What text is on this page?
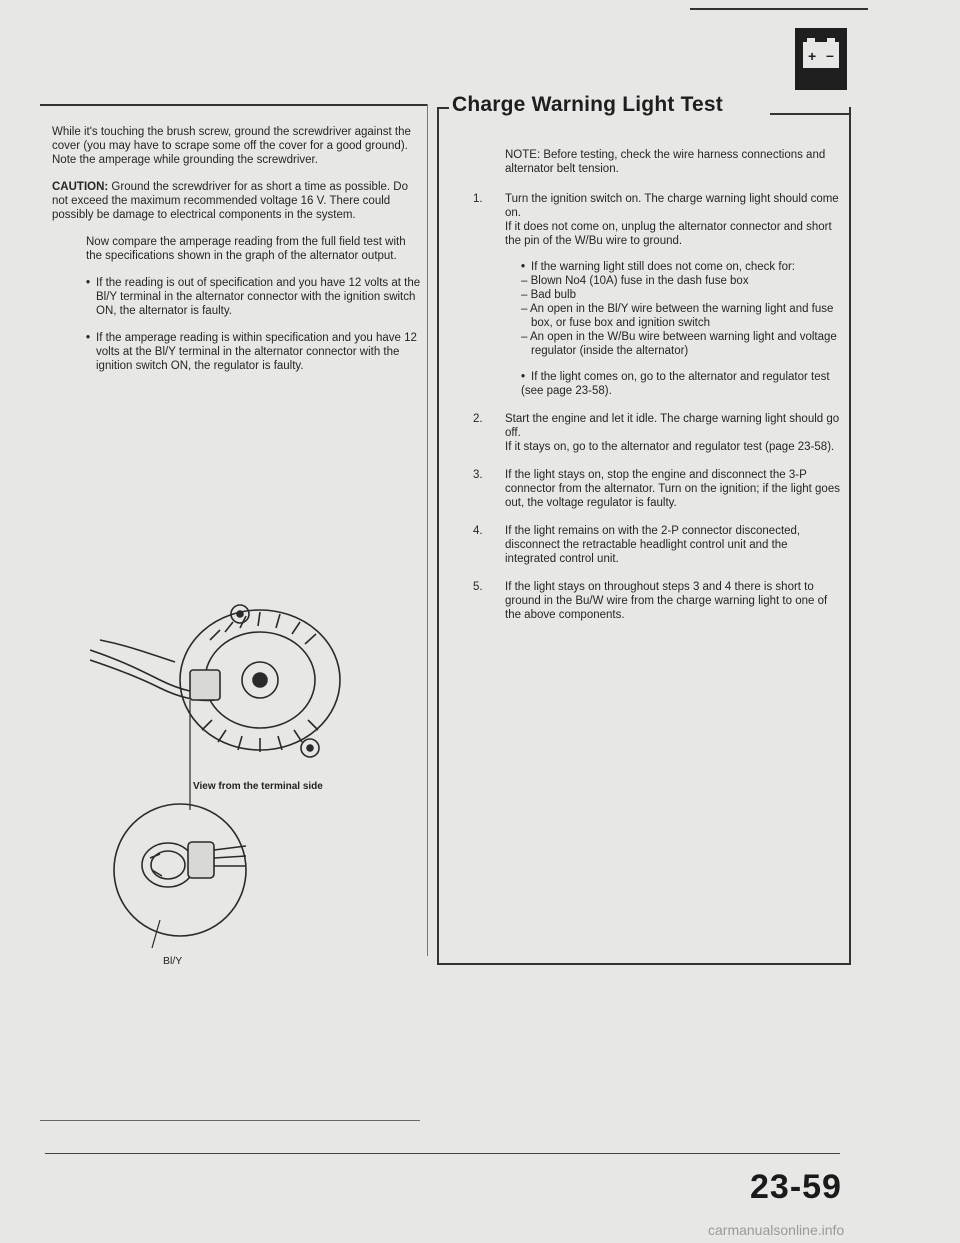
+ –

While it's touching the brush screw, ground the screwdriver against the cover (you may have to scrape some off the cover for a good ground). Note the amperage while grounding the screwdriver.

CAUTION: Ground the screwdriver for as short a time as possible. Do not exceed the maximum recommended voltage 16 V. There could possibly be damage to electrical components in the system.

Now compare the amperage reading from the full field test with the specifications shown in the graph of the alternator output.

• If the reading is out of specification and you have 12 volts at the Bl/Y terminal in the alternator connector with the ignition switch ON, the alternator is faulty.

• If the amperage reading is within specification and you have 12 volts at the Bl/Y terminal in the alternator connector with the ignition switch ON, the regulator is faulty.

View from the terminal side
Bl/Y
Charge Warning Light Test

NOTE: Before testing, check the wire harness connections and alternator belt tension.

1.	Turn the ignition switch on. The charge warning light should come on.

If it does not come on, unplug the alternator connector and short the pin of the W/Bu wire to ground.

• If the warning light still does not come on, check for:

– Blown No4 (10A) fuse in the dash fuse box
– Bad bulb
– An open in the Bl/Y wire between the warning light and fuse box, or fuse box and ignition switch
– An open in the W/Bu wire between warning light and voltage regulator (inside the alternator)

• If the light comes on, go to the alternator and regulator test (see page 23-58).

2.	Start the engine and let it idle. The charge warning light should go off.

If it stays on, go to the alternator and regulator test (page 23-58).

3.	If the light stays on, stop the engine and disconnect the 3-P connector from the alternator. Turn on the ignition; if the light goes out, the voltage regulator is faulty.

4.	If the light remains on with the 2-P connector disconected, disconnect the retractable headlight control unit and the integrated control unit.

5.	If the light stays on throughout steps 3 and 4 there is short to ground in the Bu/W wire from the charge warning light to one of the above components.

23-59
carmanualsonline.info
